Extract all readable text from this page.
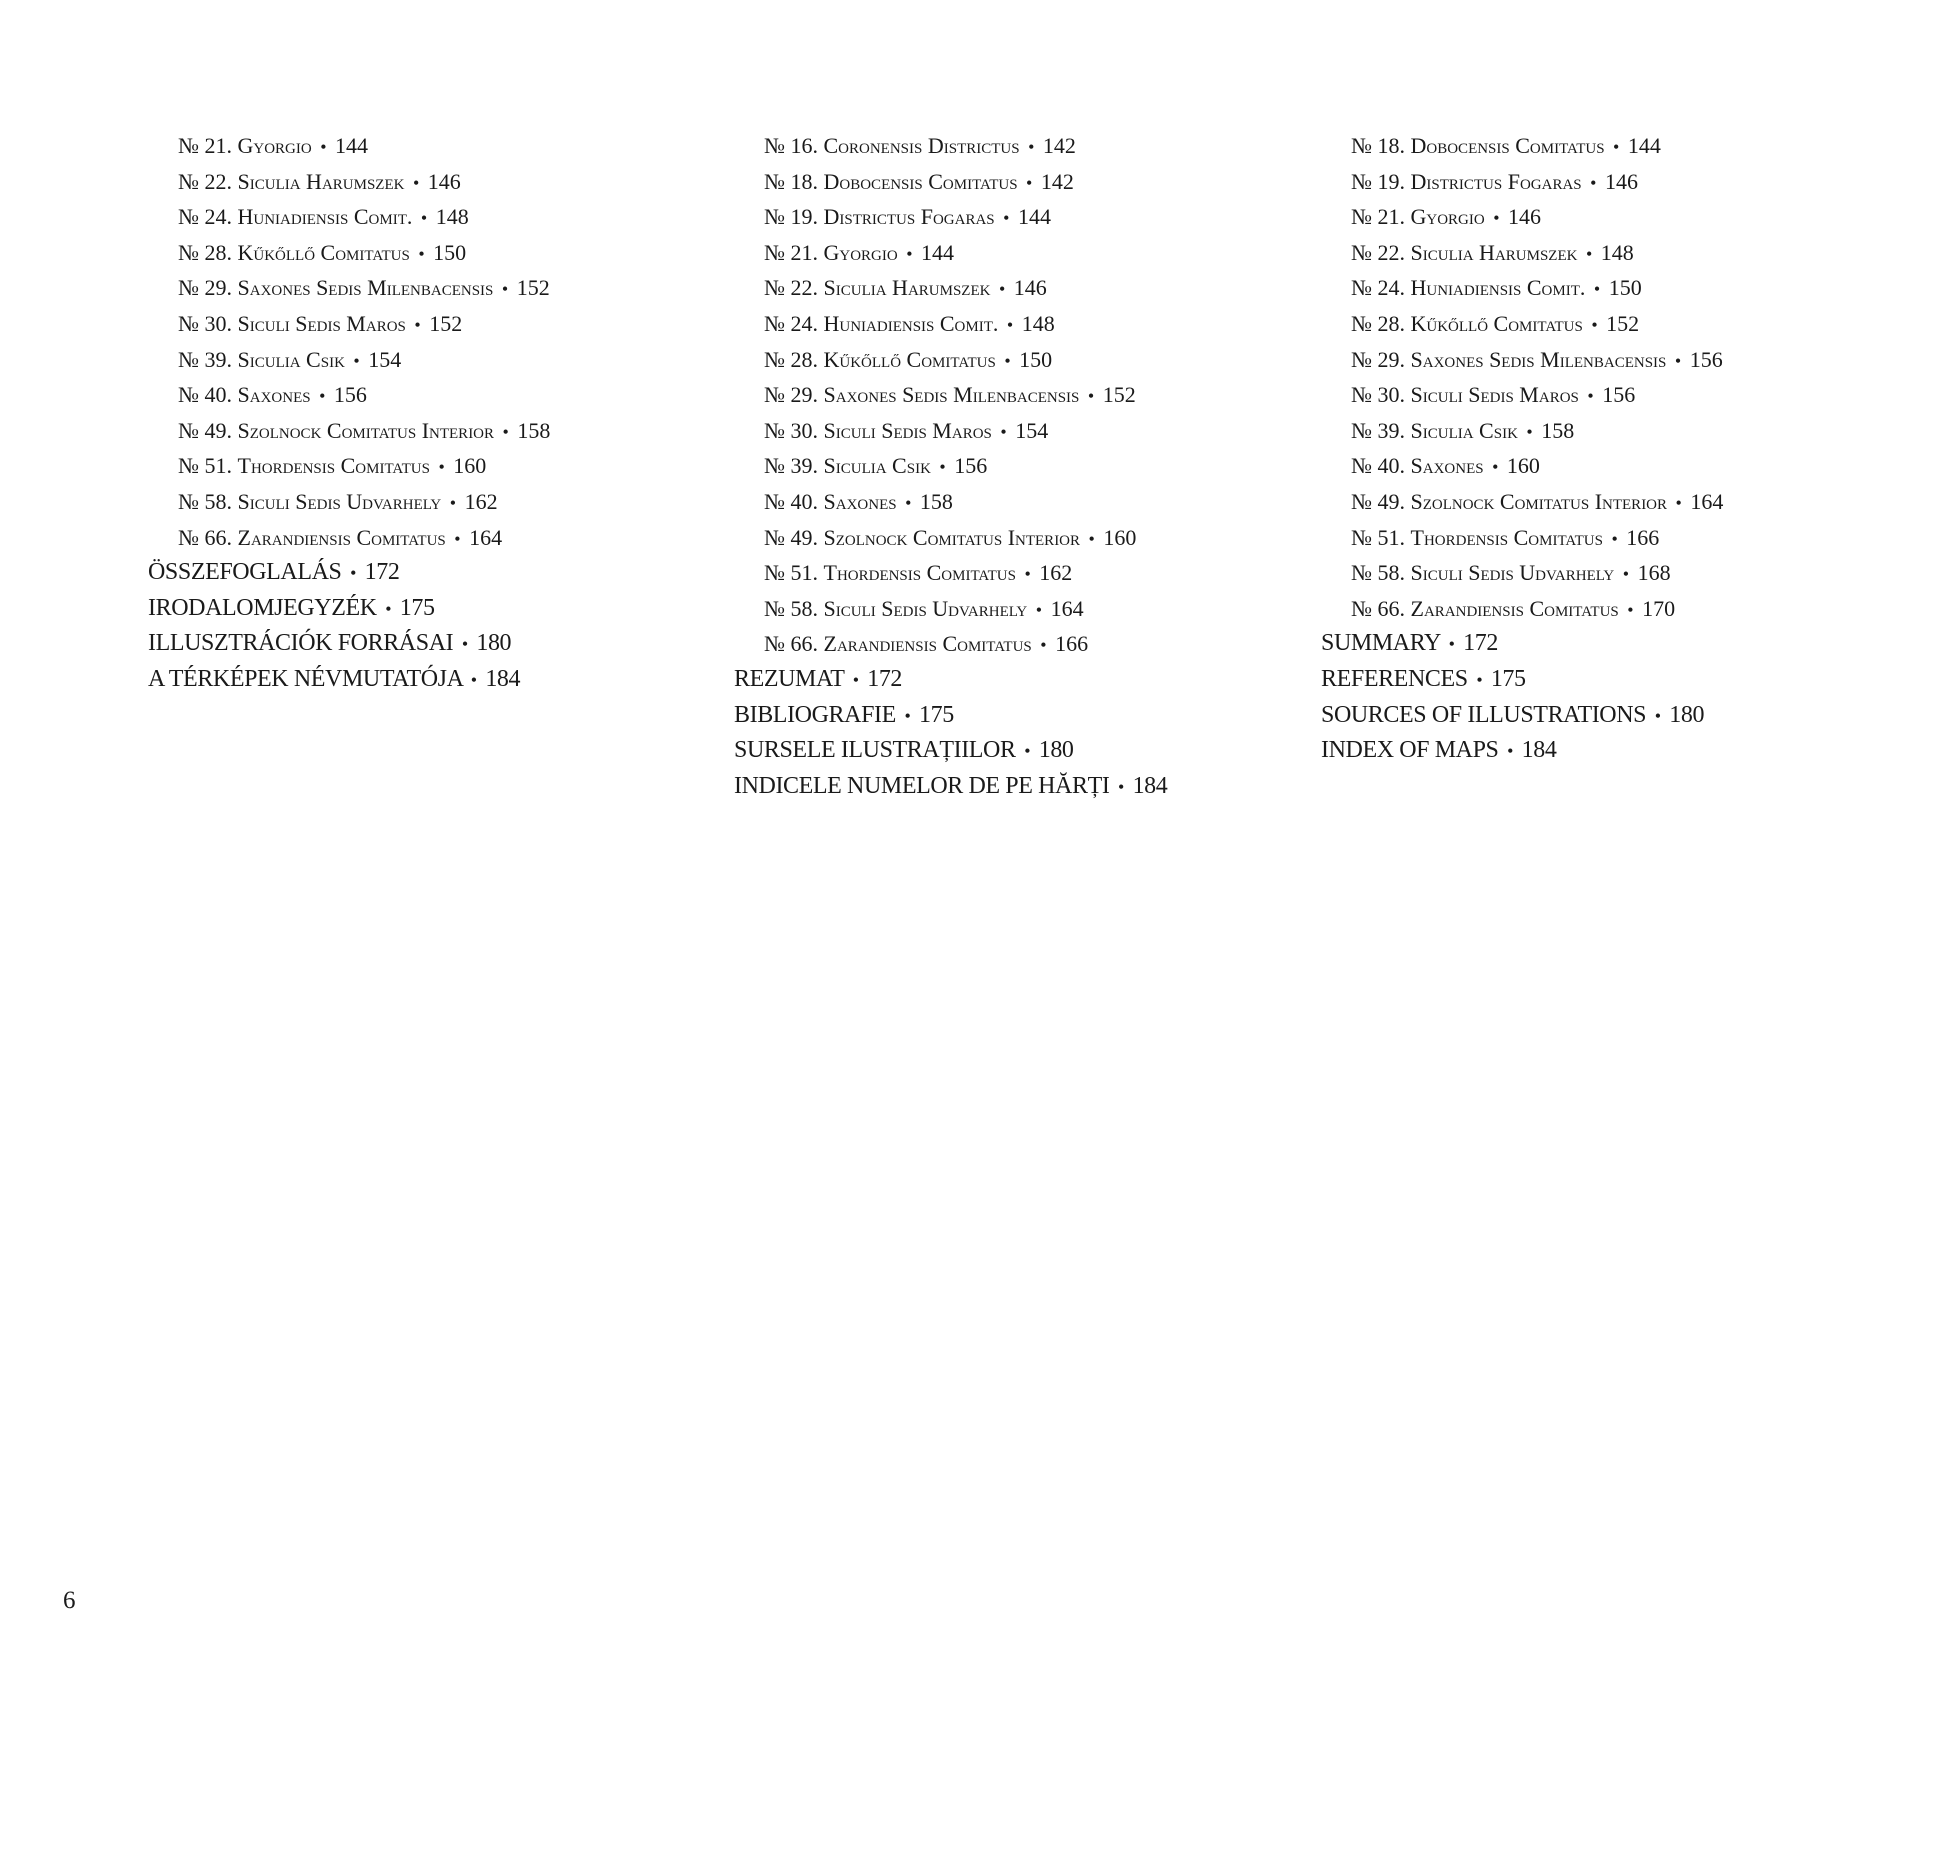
№ 21. Gyorgio • 144
№ 22. Siculia Harumszek • 146
№ 24. Huniadiensis Comit. • 148
№ 28. Kűkőllő Comitatus • 150
№ 29. Saxones Sedis Milenbacensis • 152
№ 30. Siculi Sedis Maros • 152
№ 39. Siculia Csik • 154
№ 40. Saxones • 156
№ 49. Szolnock Comitatus Interior • 158
№ 51. Thordensis Comitatus • 160
№ 58. Siculi Sedis Udvarhely • 162
№ 66. Zarandiensis Comitatus • 164
ÖSSZEFOGLALÁS • 172
IRODALOMJEGYZÉK • 175
ILLUSZTRÁCIÓK FORRÁSAI • 180
A TÉRKÉPEK NÉVMUTATÓJA • 184
№ 16. Coronensis Districtus • 142
№ 18. Dobocensis Comitatus • 142
№ 19. Districtus Fogaras • 144
№ 21. Gyorgio • 144
№ 22. Siculia Harumszek • 146
№ 24. Huniadiensis Comit. • 148
№ 28. Kűkőllő Comitatus • 150
№ 29. Saxones Sedis Milenbacensis • 152
№ 30. Siculi Sedis Maros • 154
№ 39. Siculia Csik • 156
№ 40. Saxones • 158
№ 49. Szolnock Comitatus Interior • 160
№ 51. Thordensis Comitatus • 162
№ 58. Siculi Sedis Udvarhely • 164
№ 66. Zarandiensis Comitatus • 166
REZUMAT • 172
BIBLIOGRAFIE • 175
SURSELE ILUSTRAȚIILOR • 180
INDICELE NUMELOR DE PE HĂRȚI • 184
№ 18. Dobocensis Comitatus • 144
№ 19. Districtus Fogaras • 146
№ 21. Gyorgio • 146
№ 22. Siculia Harumszek • 148
№ 24. Huniadiensis Comit. • 150
№ 28. Kűkőllő Comitatus • 152
№ 29. Saxones Sedis Milenbacensis • 156
№ 30. Siculi Sedis Maros • 156
№ 39. Siculia Csik • 158
№ 40. Saxones • 160
№ 49. Szolnock Comitatus Interior • 164
№ 51. Thordensis Comitatus • 166
№ 58. Siculi Sedis Udvarhely • 168
№ 66. Zarandiensis Comitatus • 170
SUMMARY • 172
REFERENCES • 175
SOURCES OF ILLUSTRATIONS • 180
INDEX OF MAPS • 184
6
